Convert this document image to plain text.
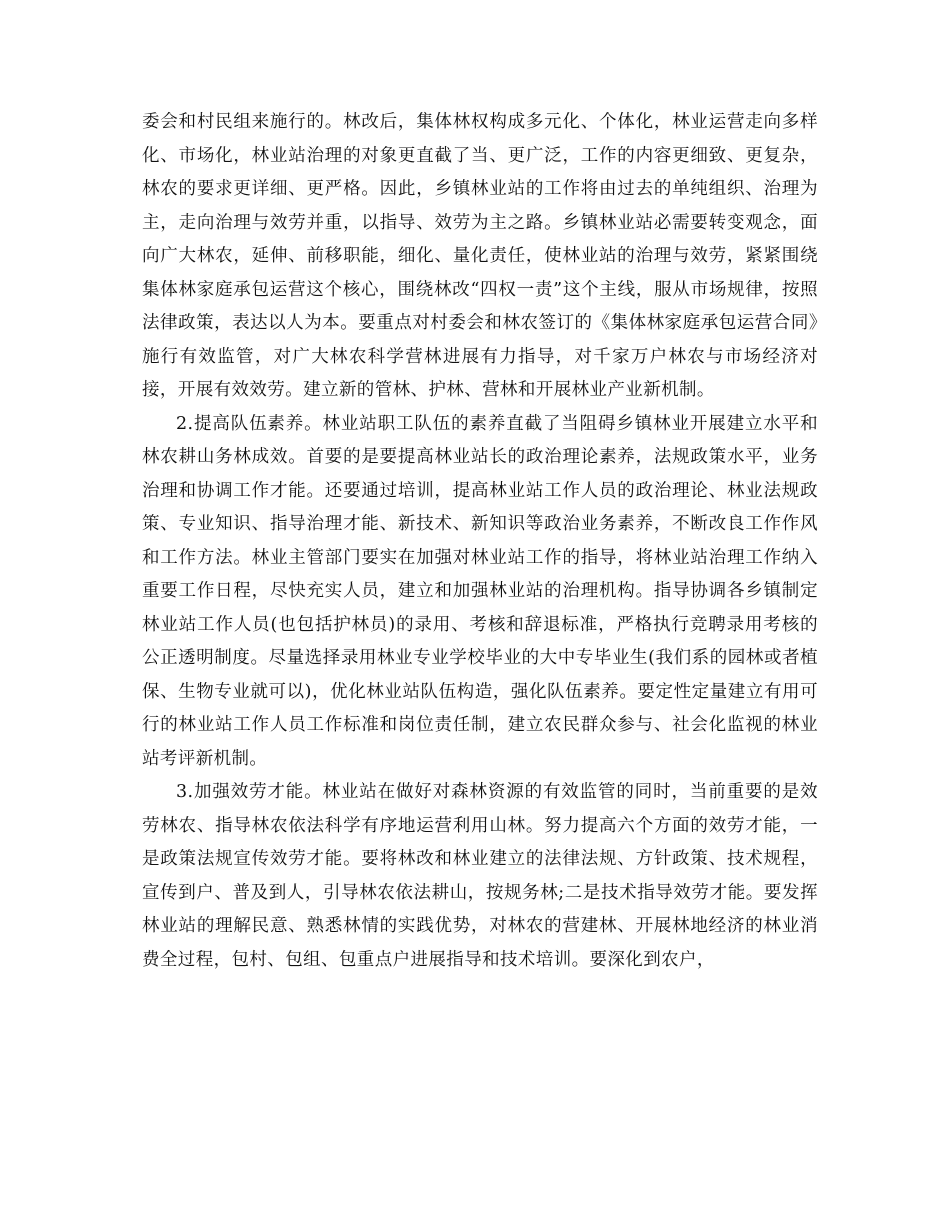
委会和村民组来施行的。林改后，集体林权构成多元化、个体化，林业运营走向多样化、市场化，林业站治理的对象更直截了当、更广泛，工作的内容更细致、更复杂，林农的要求更详细、更严格。因此，乡镇林业站的工作将由过去的单纯组织、治理为主，走向治理与效劳并重，以指导、效劳为主之路。乡镇林业站必需要转变观念，面向广大林农，延伸、前移职能，细化、量化责任，使林业站的治理与效劳，紧紧围绕集体林家庭承包运营这个核心，围绕林改“四权一责”这个主线，服从市场规律，按照法律政策，表达以人为本。要重点对村委会和林农签订的《集体林家庭承包运营合同》施行有效监管，对广大林农科学营林进展有力指导，对千家万户林农与市场经济对接，开展有效效劳。建立新的管林、护林、营林和开展林业产业新机制。

2.提高队伍素养。林业站职工队伍的素养直截了当阻碍乡镇林业开展建立水平和林农耕山务林成效。首要的是要提高林业站长的政治理论素养，法规政策水平，业务治理和协调工作才能。还要通过培训，提高林业站工作人员的政治理论、林业法规政策、专业知识、指导治理才能、新技术、新知识等政治业务素养，不断改良工作作风和工作方法。林业主管部门要实在加强对林业站工作的指导，将林业站治理工作纳入重要工作日程，尽快充实人员，建立和加强林业站的治理机构。指导协调各乡镇制定林业站工作人员(也包括护林员)的录用、考核和辞退标准，严格执行竞聘录用考核的公正透明制度。尽量选择录用林业专业学校毕业的大中专毕业生(我们系的园林或者植保、生物专业就可以)，优化林业站队伍构造，强化队伍素养。要定性定量建立有用可行的林业站工作人员工作标准和岗位责任制，建立农民群众参与、社会化监视的林业站考评新机制。

3.加强效劳才能。林业站在做好对森林资源的有效监管的同时，当前重要的是效劳林农、指导林农依法科学有序地运营利用山林。努力提高六个方面的效劳才能，一是政策法规宣传效劳才能。要将林改和林业建立的法律法规、方针政策、技术规程，宣传到户、普及到人，引导林农依法耕山，按规务林;二是技术指导效劳才能。要发挥林业站的理解民意、熟悉林情的实践优势，对林农的营建林、开展林地经济的林业消费全过程，包村、包组、包重点户进展指导和技术培训。要深化到农户，
